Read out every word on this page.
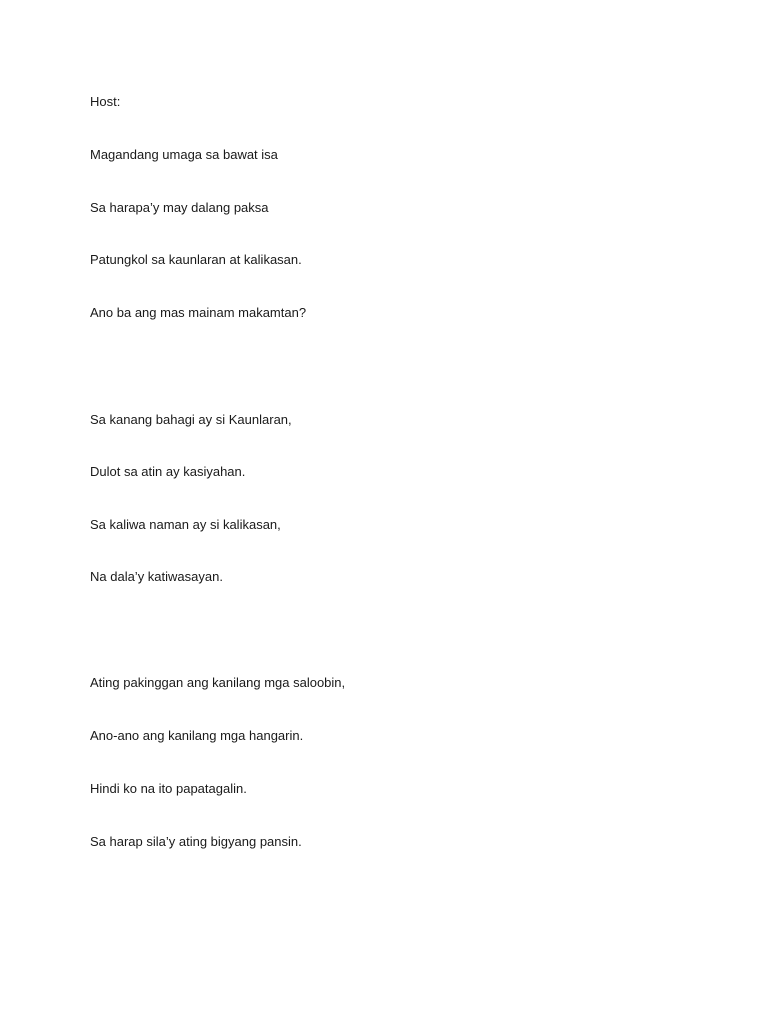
Host:
Magandang umaga sa bawat isa
Sa harapa’y may dalang paksa
Patungkol sa kaunlaran at kalikasan.
Ano ba ang mas mainam makamtan?
Sa kanang bahagi ay si Kaunlaran,
Dulot sa atin ay kasiyahan.
Sa kaliwa naman ay si kalikasan,
Na dala’y katiwasayan.
Ating pakinggan ang kanilang mga saloobin,
Ano-ano ang kanilang mga hangarin.
Hindi ko na ito papatagalin.
Sa harap sila’y ating bigyang pansin.
